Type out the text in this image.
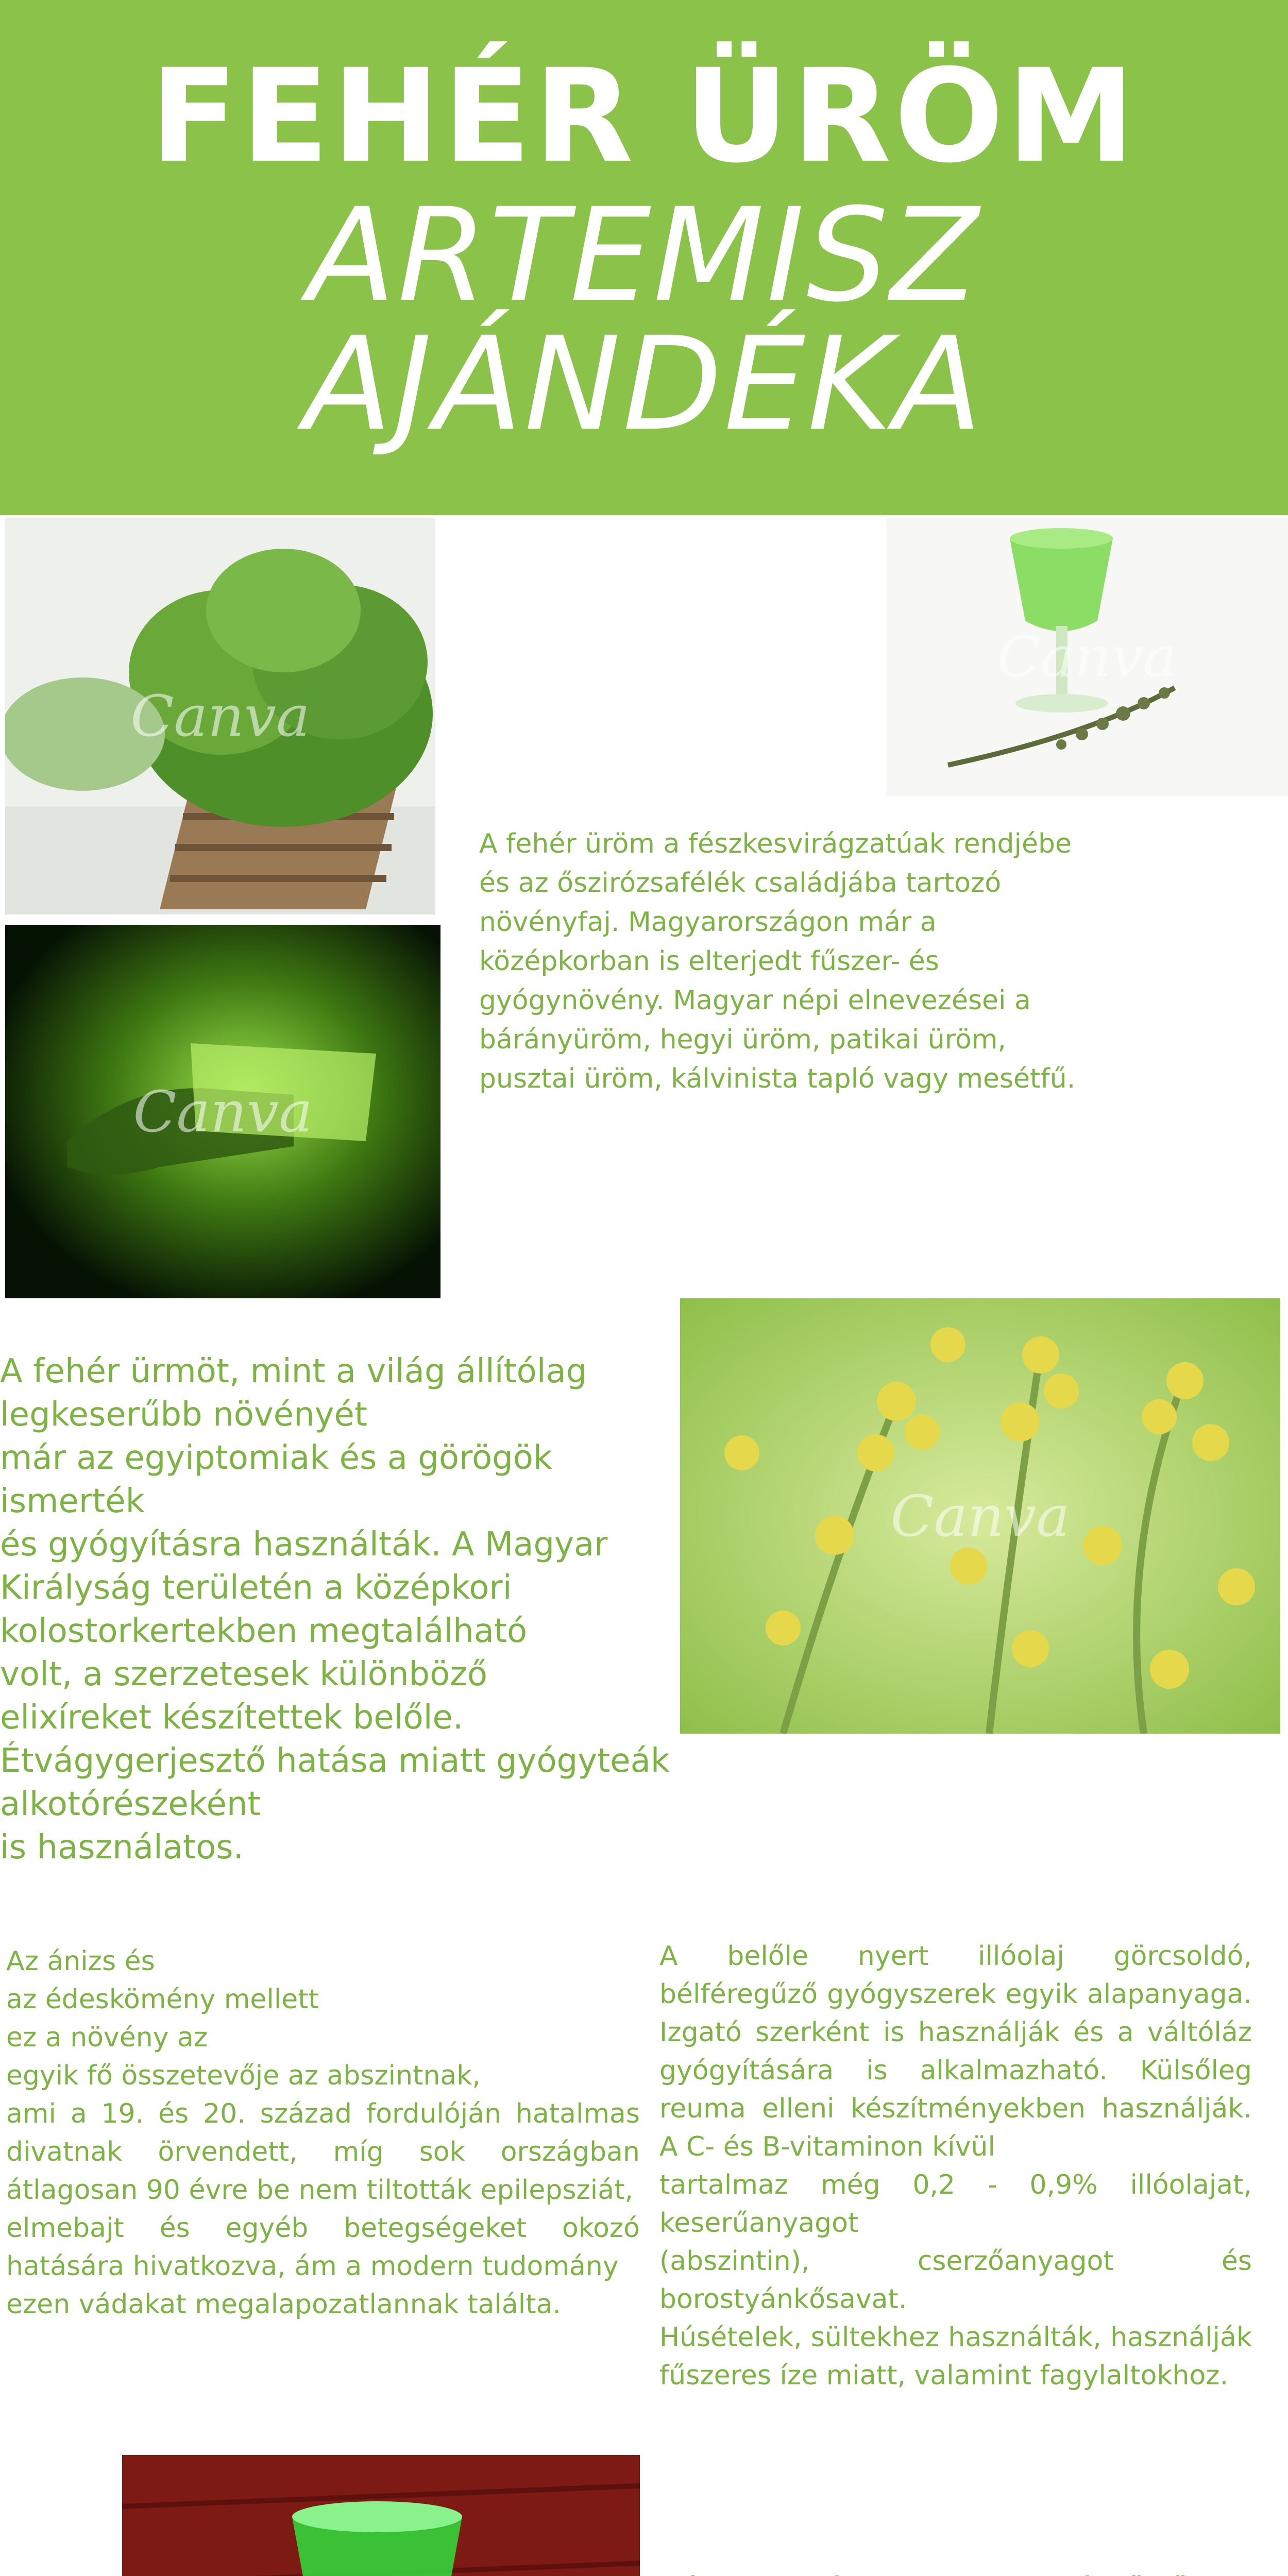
FEHÉR ÜRÖM
ARTEMISZ
AJÁNDÉKA
Canva
Canva
Canva
Canva
A fehér üröm a fészkesvirágzatúak rendjébe és az őszirózsafélék családjába tartozó növényfaj. Magyarországon már a középkorban is elterjedt fűszer- és gyógynövény. Magyar népi elnevezései a bárányüröm, hegyi üröm, patikai üröm, pusztai üröm, kálvinista tapló vagy mesétfű.
A fehér ürmöt, mint a világ állítólag
legkeserűbb növényét
már az egyiptomiak és a görögök ismerték
és gyógyításra használták. A Magyar
Királyság területén a középkori
kolostorkertekben megtalálható
volt, a szerzetesek különböző
elixíreket készítettek belőle.
Étvágygerjesztő hatása miatt gyógyteák
alkotórészeként
is használatos.
Az ánizs és
az édeskömény mellett
ez a növény az
egyik fő összetevője az abszintnak,
ami a 19. és 20. század fordulóján hatalmas divatnak örvendett, míg sok országban átlagosan 90 évre be nem tiltották epilepsziát,
elmebajt és egyéb betegségeket okozó hatására hivatkozva, ám a modern tudomány
ezen vádakat megalapozatlannak találta.
A belőle nyert illóolaj görcsoldó, bélféregűző gyógyszerek egyik alapanyaga. Izgató szerként is használják és a váltóláz gyógyítására is alkalmazható. Külsőleg reuma elleni készítményekben használják. A C- és B-vitaminon kívül
tartalmaz még 0,2 - 0,9% illóolajat, keserűanyagot
(abszintin), cserzőanyagot és borostyánkősavat.
Húsételek, sültekhez használták, használják fűszeres íze miatt, valamint fagylaltokhoz.
